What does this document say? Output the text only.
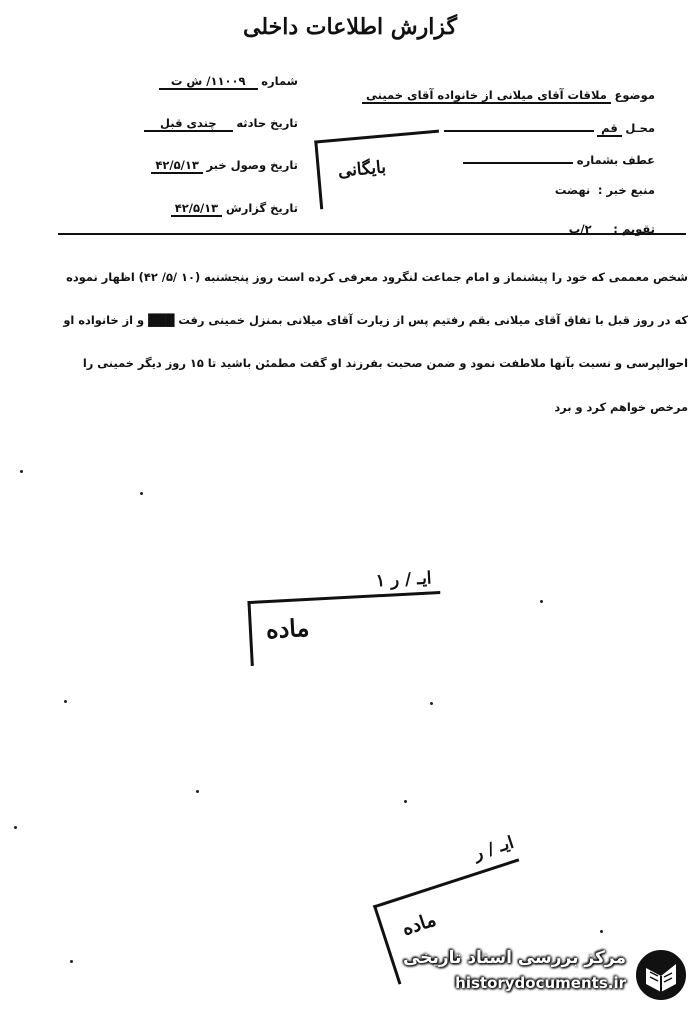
گزارش اطلاعات داخلی
موضوع ملاقات آقای میلانی از خانواده آقای خمینی
محـل قم
عطف بشماره
منبع خبر : نهضت
تقویم : ۲/ب
شماره ۱۱۰۰۹/ ش ت
تاریخ حادثه چندی قبل
تاریخ وصول خبر ۴۲/۵/۱۳
تاریخ گزارش ۴۲/۵/۱۳
شخص معممی که خود را پیشنماز و امام جماعت لنگرود معرفی کرده است روز پنجشنبه (۱۰ /۵/ ۴۲) اظهار نموده
که در روز قبل با تفاق آقای میلانی بقم رفتیم پس از زیارت آقای میلانی بمنزل خمینی رفت ███ و از خانواده او
احوالپرسی و نسبت بآنها ملاطفت نمود و ضمن صحبت بفرزند او گفت مطمئن باشید تا ۱۵ روز دیگر خمینی را
مرخص خواهم کرد و برد
بایگانی
ایـ / ر ۱
ماده
ایـ / ر
ماده
مرکز بررسی اسناد تاریخی
historydocuments.ir
